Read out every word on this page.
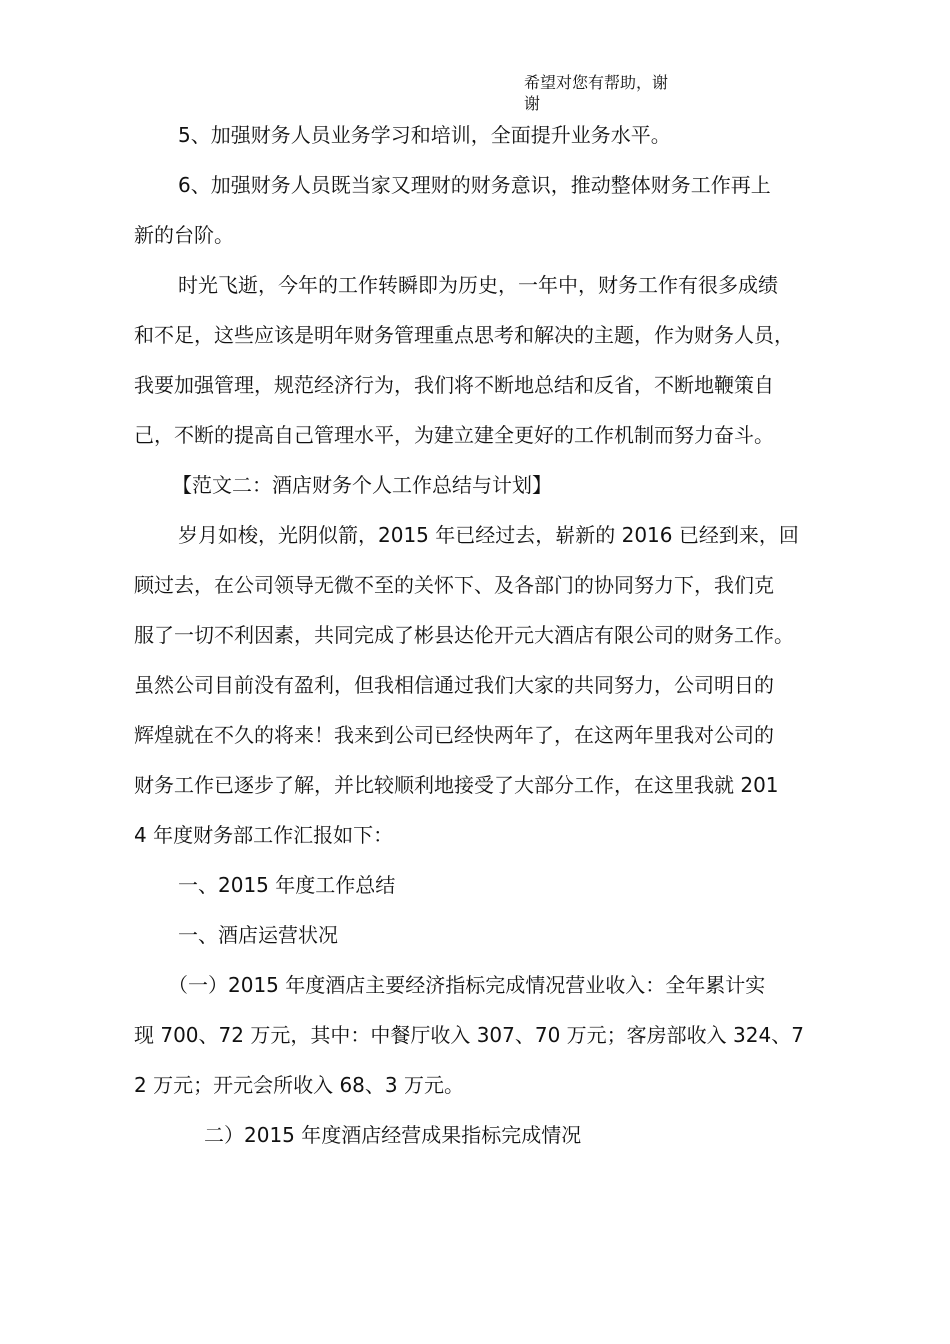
希望对您有帮助，谢
谢

5、加强财务人员业务学习和培训，全面提升业务水平。

6、加强财务人员既当家又理财的财务意识，推动整体财务工作再上
新的台阶。

时光飞逝，今年的工作转瞬即为历史，一年中，财务工作有很多成绩
和不足，这些应该是明年财务管理重点思考和解决的主题，作为财务人员，
我要加强管理，规范经济行为，我们将不断地总结和反省，不断地鞭策自
己，不断的提高自己管理水平，为建立建全更好的工作机制而努力奋斗。

【范文二：酒店财务个人工作总结与计划】

岁月如梭，光阴似箭，2015 年已经过去，崭新的 2016 已经到来，回
顾过去，在公司领导无微不至的关怀下、及各部门的协同努力下，我们克
服了一切不利因素，共同完成了彬县达伦开元大酒店有限公司的财务工作。
虽然公司目前没有盈利，但我相信通过我们大家的共同努力，公司明日的
辉煌就在不久的将来！我来到公司已经快两年了，在这两年里我对公司的
财务工作已逐步了解，并比较顺利地接受了大部分工作，在这里我就 201
4 年度财务部工作汇报如下：

一、2015 年度工作总结

一、酒店运营状况

（一）2015 年度酒店主要经济指标完成情况营业收入：全年累计实
现 700、72 万元，其中：中餐厅收入 307、70 万元；客房部收入 324、7
2 万元；开元会所收入 68、3 万元。

二）2015 年度酒店经营成果指标完成情况
